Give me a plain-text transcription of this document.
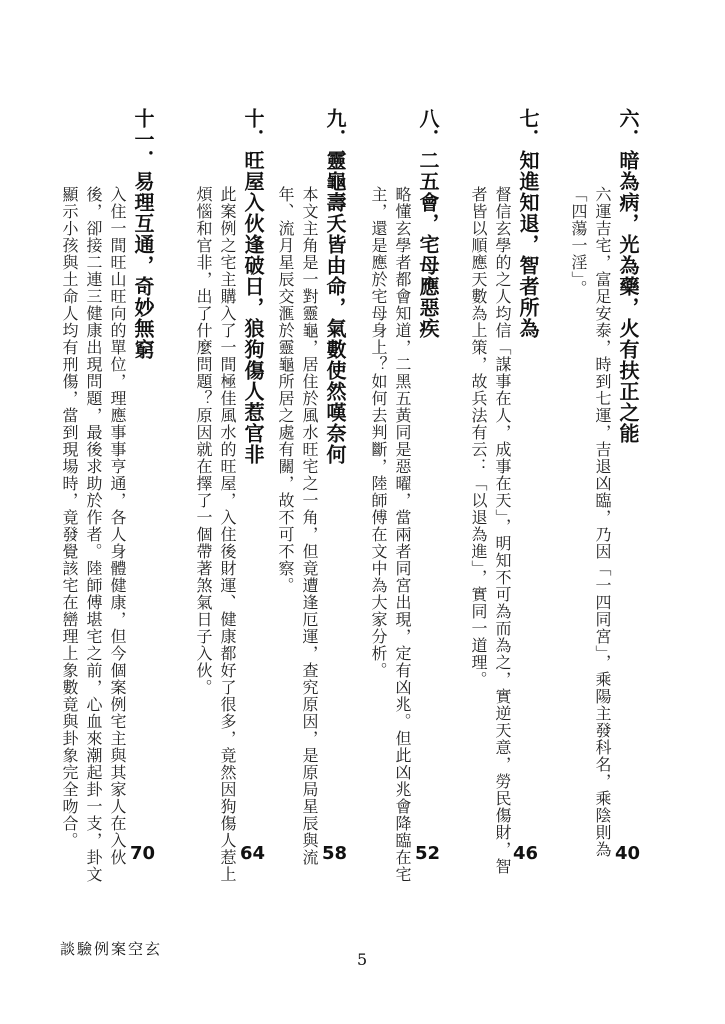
六．暗為病，光為藥，火有扶正之能
六運吉宅，富足安泰，時到七運，吉退凶臨，乃因「一四同宮」，乘陽主發科名，乘陰則為「四蕩一淫」。
40
七．知進知退，智者所為
督信玄學的之人均信「謀事在人，成事在天」，明知不可為而為之，實逆天意，勞民傷財，智者皆以順應天數為上策，故兵法有云：「以退為進」，實同一道理。
46
八．二五會，宅母應惡疾
略懂玄學者都會知道，二黑五黃同是惡曜，當兩者同宮出現，定有凶兆。但此凶兆會降臨在宅主，還是應於宅母身上？如何去判斷，陸師傅在文中為大家分析。
52
九．靈龜壽夭皆由命，氣數使然嘆奈何
本文主角是一對靈龜，居住於風水旺宅之一角，但竟遭逢厄運，查究原因，是原局星辰與流年、流月星辰交滙於靈龜所居之處有關，故不可不察。
58
十．旺屋入伙逢破日，狼狗傷人惹官非
此案例之宅主購入了一間極佳風水的旺屋，入住後財運、健康都好了很多，竟然因狗傷人惹上煩惱和官非，出了什麼問題？原因就在擇了一個帶著煞氣日子入伙。
64
十一．易理互通，奇妙無窮
入住一間旺山旺向的單位，理應事事亨通，各人身體健康，但今個案例宅主與其家人在入伙後，卻接二連三健康出現問題，最後求助於作者。陸師傅堪宅之前，心血來潮起卦一支，卦文顯示小孩與土命人均有刑傷，當到現場時，竟發覺該宅在巒理上象數竟與卦象完全吻合。
70
談驗例案空玄
5
